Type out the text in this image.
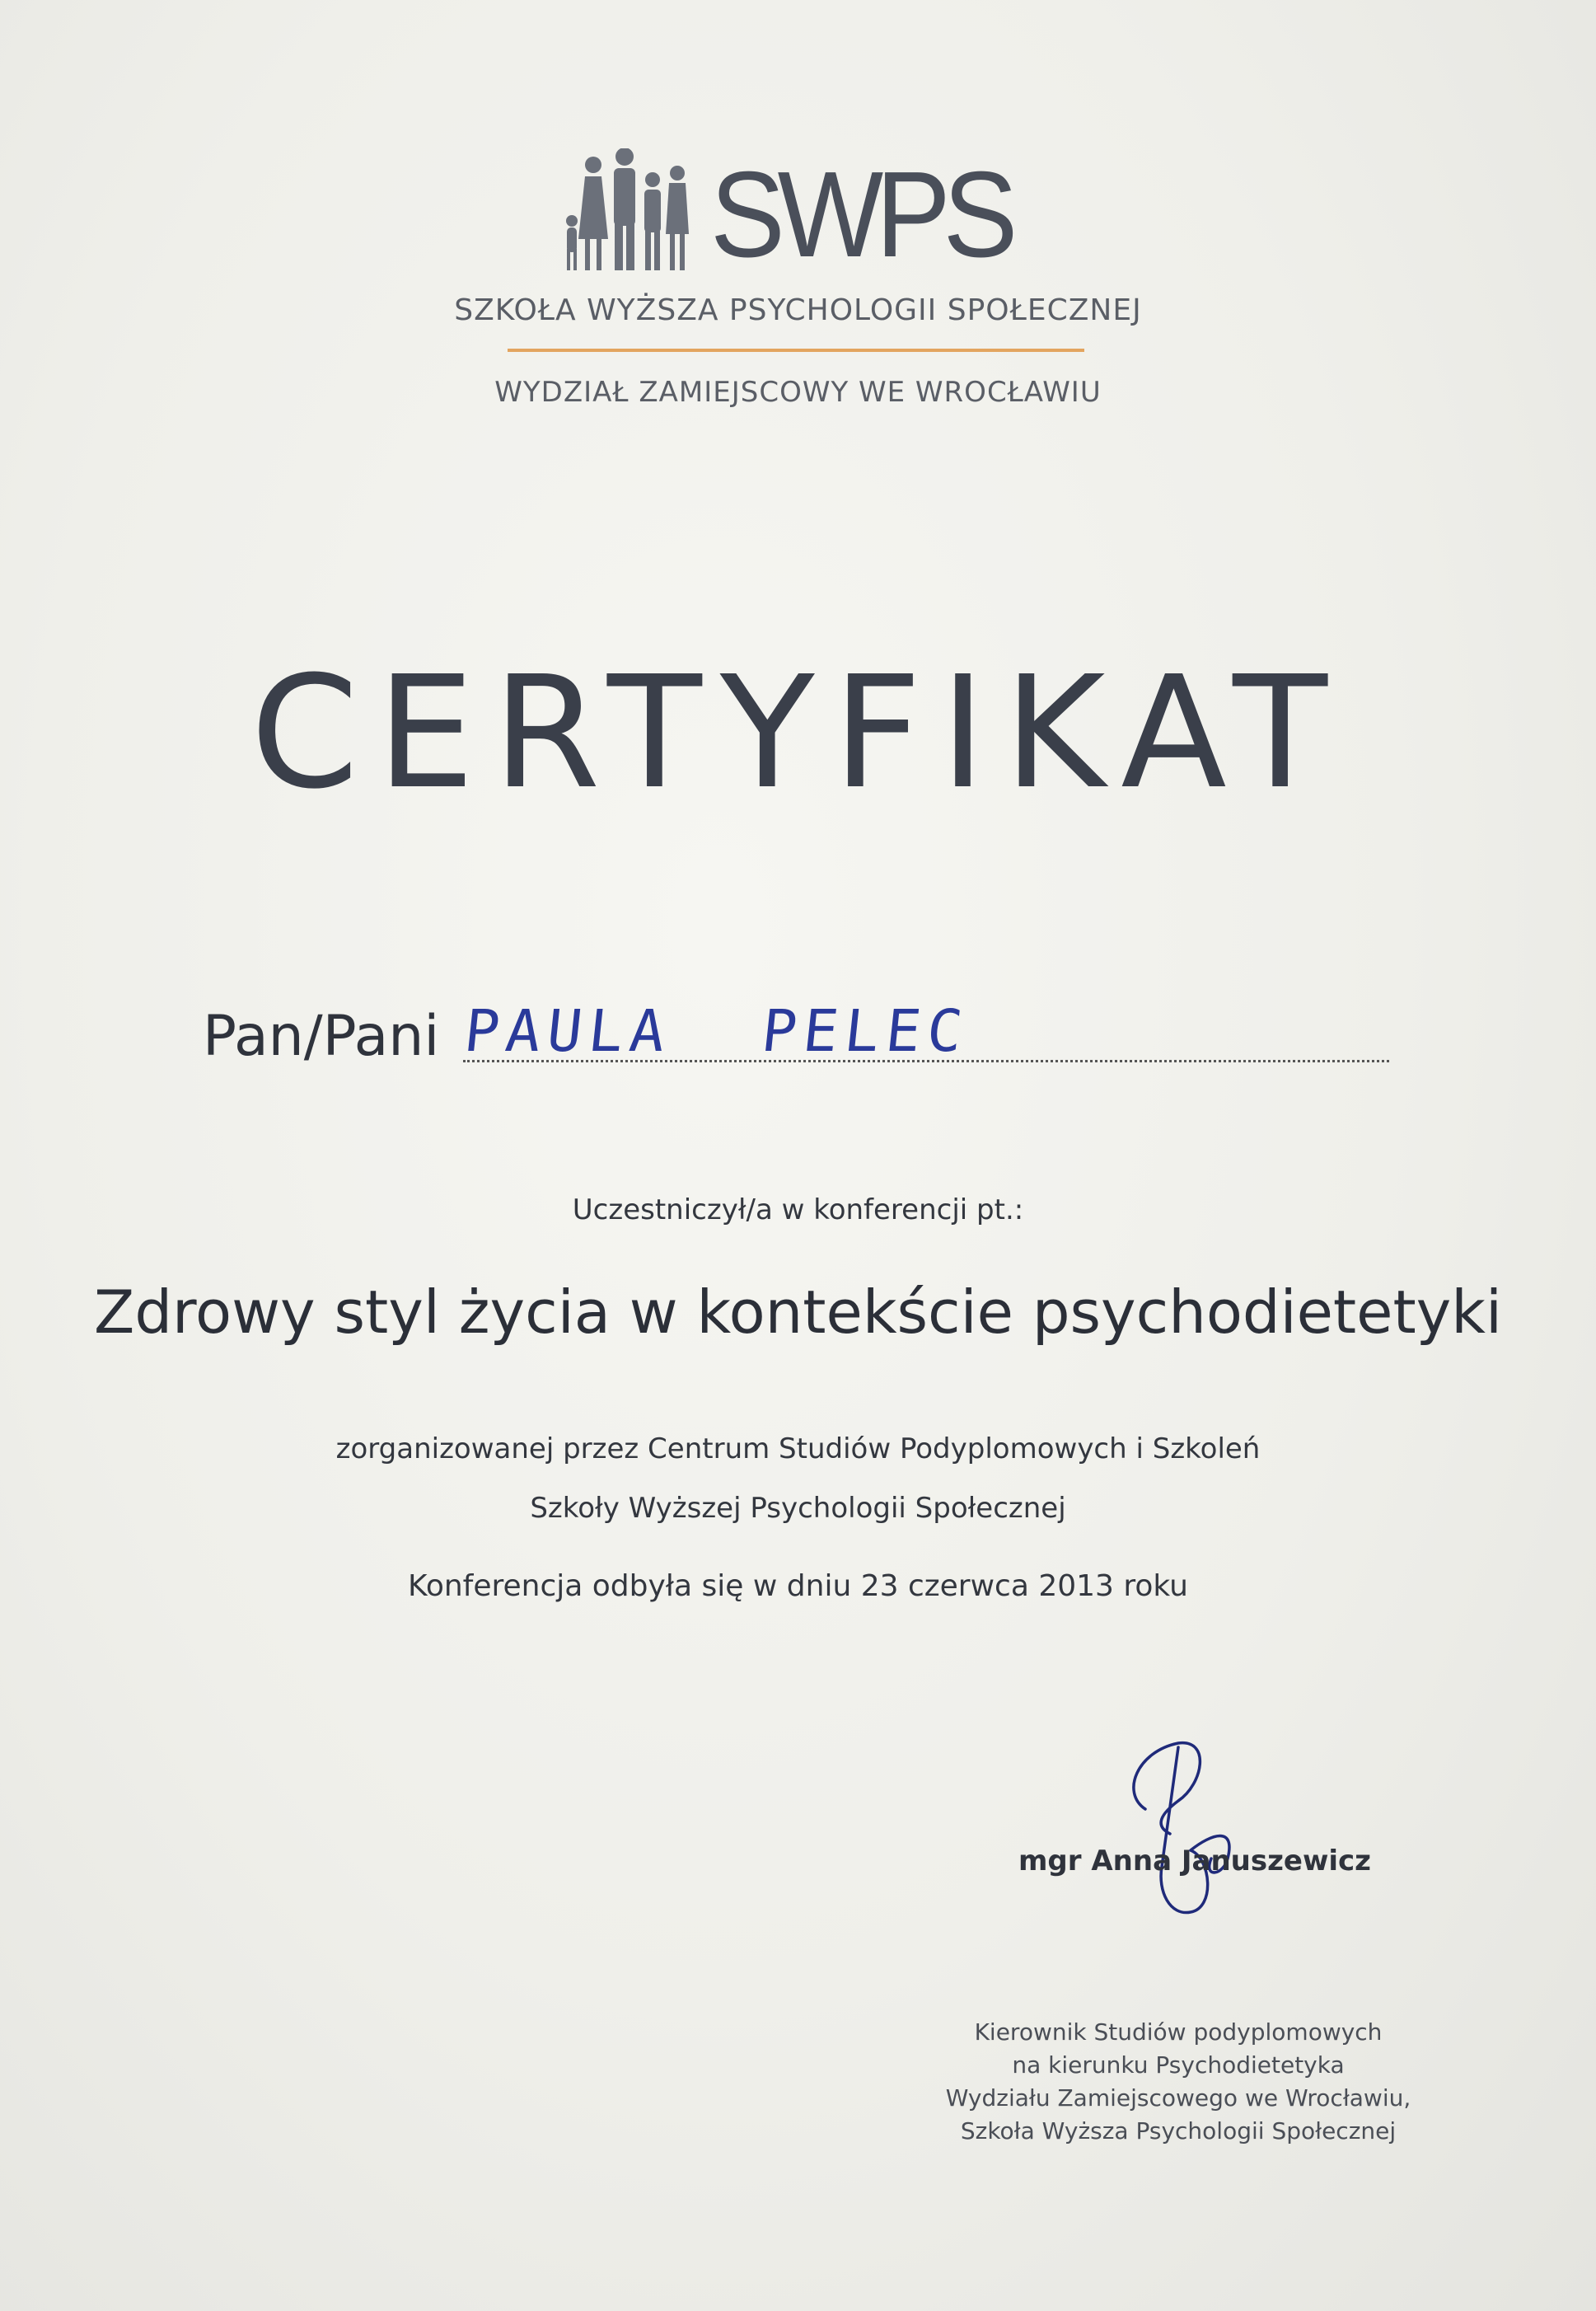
SWPS
SZKOŁA WYŻSZA PSYCHOLOGII SPOŁECZNEJ
WYDZIAŁ ZAMIEJSCOWY WE WROCŁAWIU
CERTYFIKAT
Pan/Pani PAULA PELEC
Uczestniczył/a w konferencji pt.:
Zdrowy styl życia w kontekście psychodietetyki
zorganizowanej przez Centrum Studiów Podyplomowych i Szkoleń
Szkoły Wyższej Psychologii Społecznej
Konferencja odbyła się w dniu 23 czerwca 2013 roku
mgr Anna Januszewicz
Kierownik Studiów podyplomowych
na kierunku Psychodietetyka
Wydziału Zamiejscowego we Wrocławiu,
Szkoła Wyższa Psychologii Społecznej
